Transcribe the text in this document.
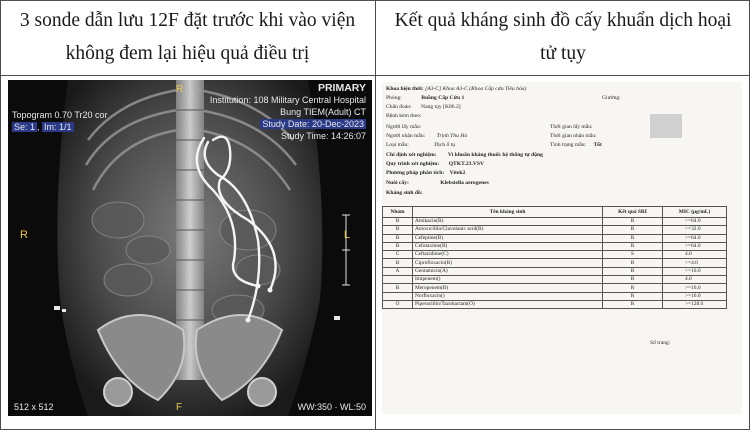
3 sonde dẫn lưu 12F đặt trước khi vào viện
không đem lại hiệu quả điều trị
Kết quả kháng sinh đồ cấy khuẩn dịch hoại
tử tụy
PRIMARY
Institution: 108 Military Central Hospital
Bung TIEM(Adult) CT
Study Date: 20-Dec-2023
Study Time: 14:26:07
Topogram 0.70 Tr20 cor
Se: 1 , Im: 1/1
R
R	L
F
512 x 512	WW:350 · WL:50
Khoa hiện thời: [A3-C] Khoa A3-C (Khoa Cấp cứu Tiêu hóa)
Phòng:	Buồng Cấp Cứu 1	Giường:
Chẩn đoán: Nang tụy [K86.2]
Bệnh kèm theo:
Người lấy mẫu:	Thời gian lấy mẫu:
Người nhận mẫu: Trịnh Thu Hà	Thời gian nhận mẫu:
Loại mẫu:	Dịch ổ tụ	Tình trạng mẫu: Tốt
Chỉ định xét nghiệm: Vi khuẩn kháng thuốc hệ thống tự động
Quy trình xét nghiệm: QTKT.23.VSV
Phương pháp phân tích: Vitek2
Nuôi cấy:	Klebsiella aerogenes
Kháng sinh đồ:
Nhóm	Tên kháng sinh	Kết quả SRI	MIC (µg/mL)
B	Amikacin(B)	R	>=64.0
B	Amoxicillin/Clavulanic acid(B)	R	>=32.0
B	Cefepime(B)	R	>=64.0
B	Cefotaxime(B)	R	>=64.0
C	Ceftazidime(C)	S	4.0
B	Ciprofloxacin(B)	R	>=4.0
A	Gentamicin(A)	R	>=16.0
	Imipenem()	R	4.0
B	Meropenem(B)	R	>=16.0
	Norfloxacin()	R	>=16.0
O	Piperacillin/Tazobactam(O)	R	>=128.0
Số trang:
